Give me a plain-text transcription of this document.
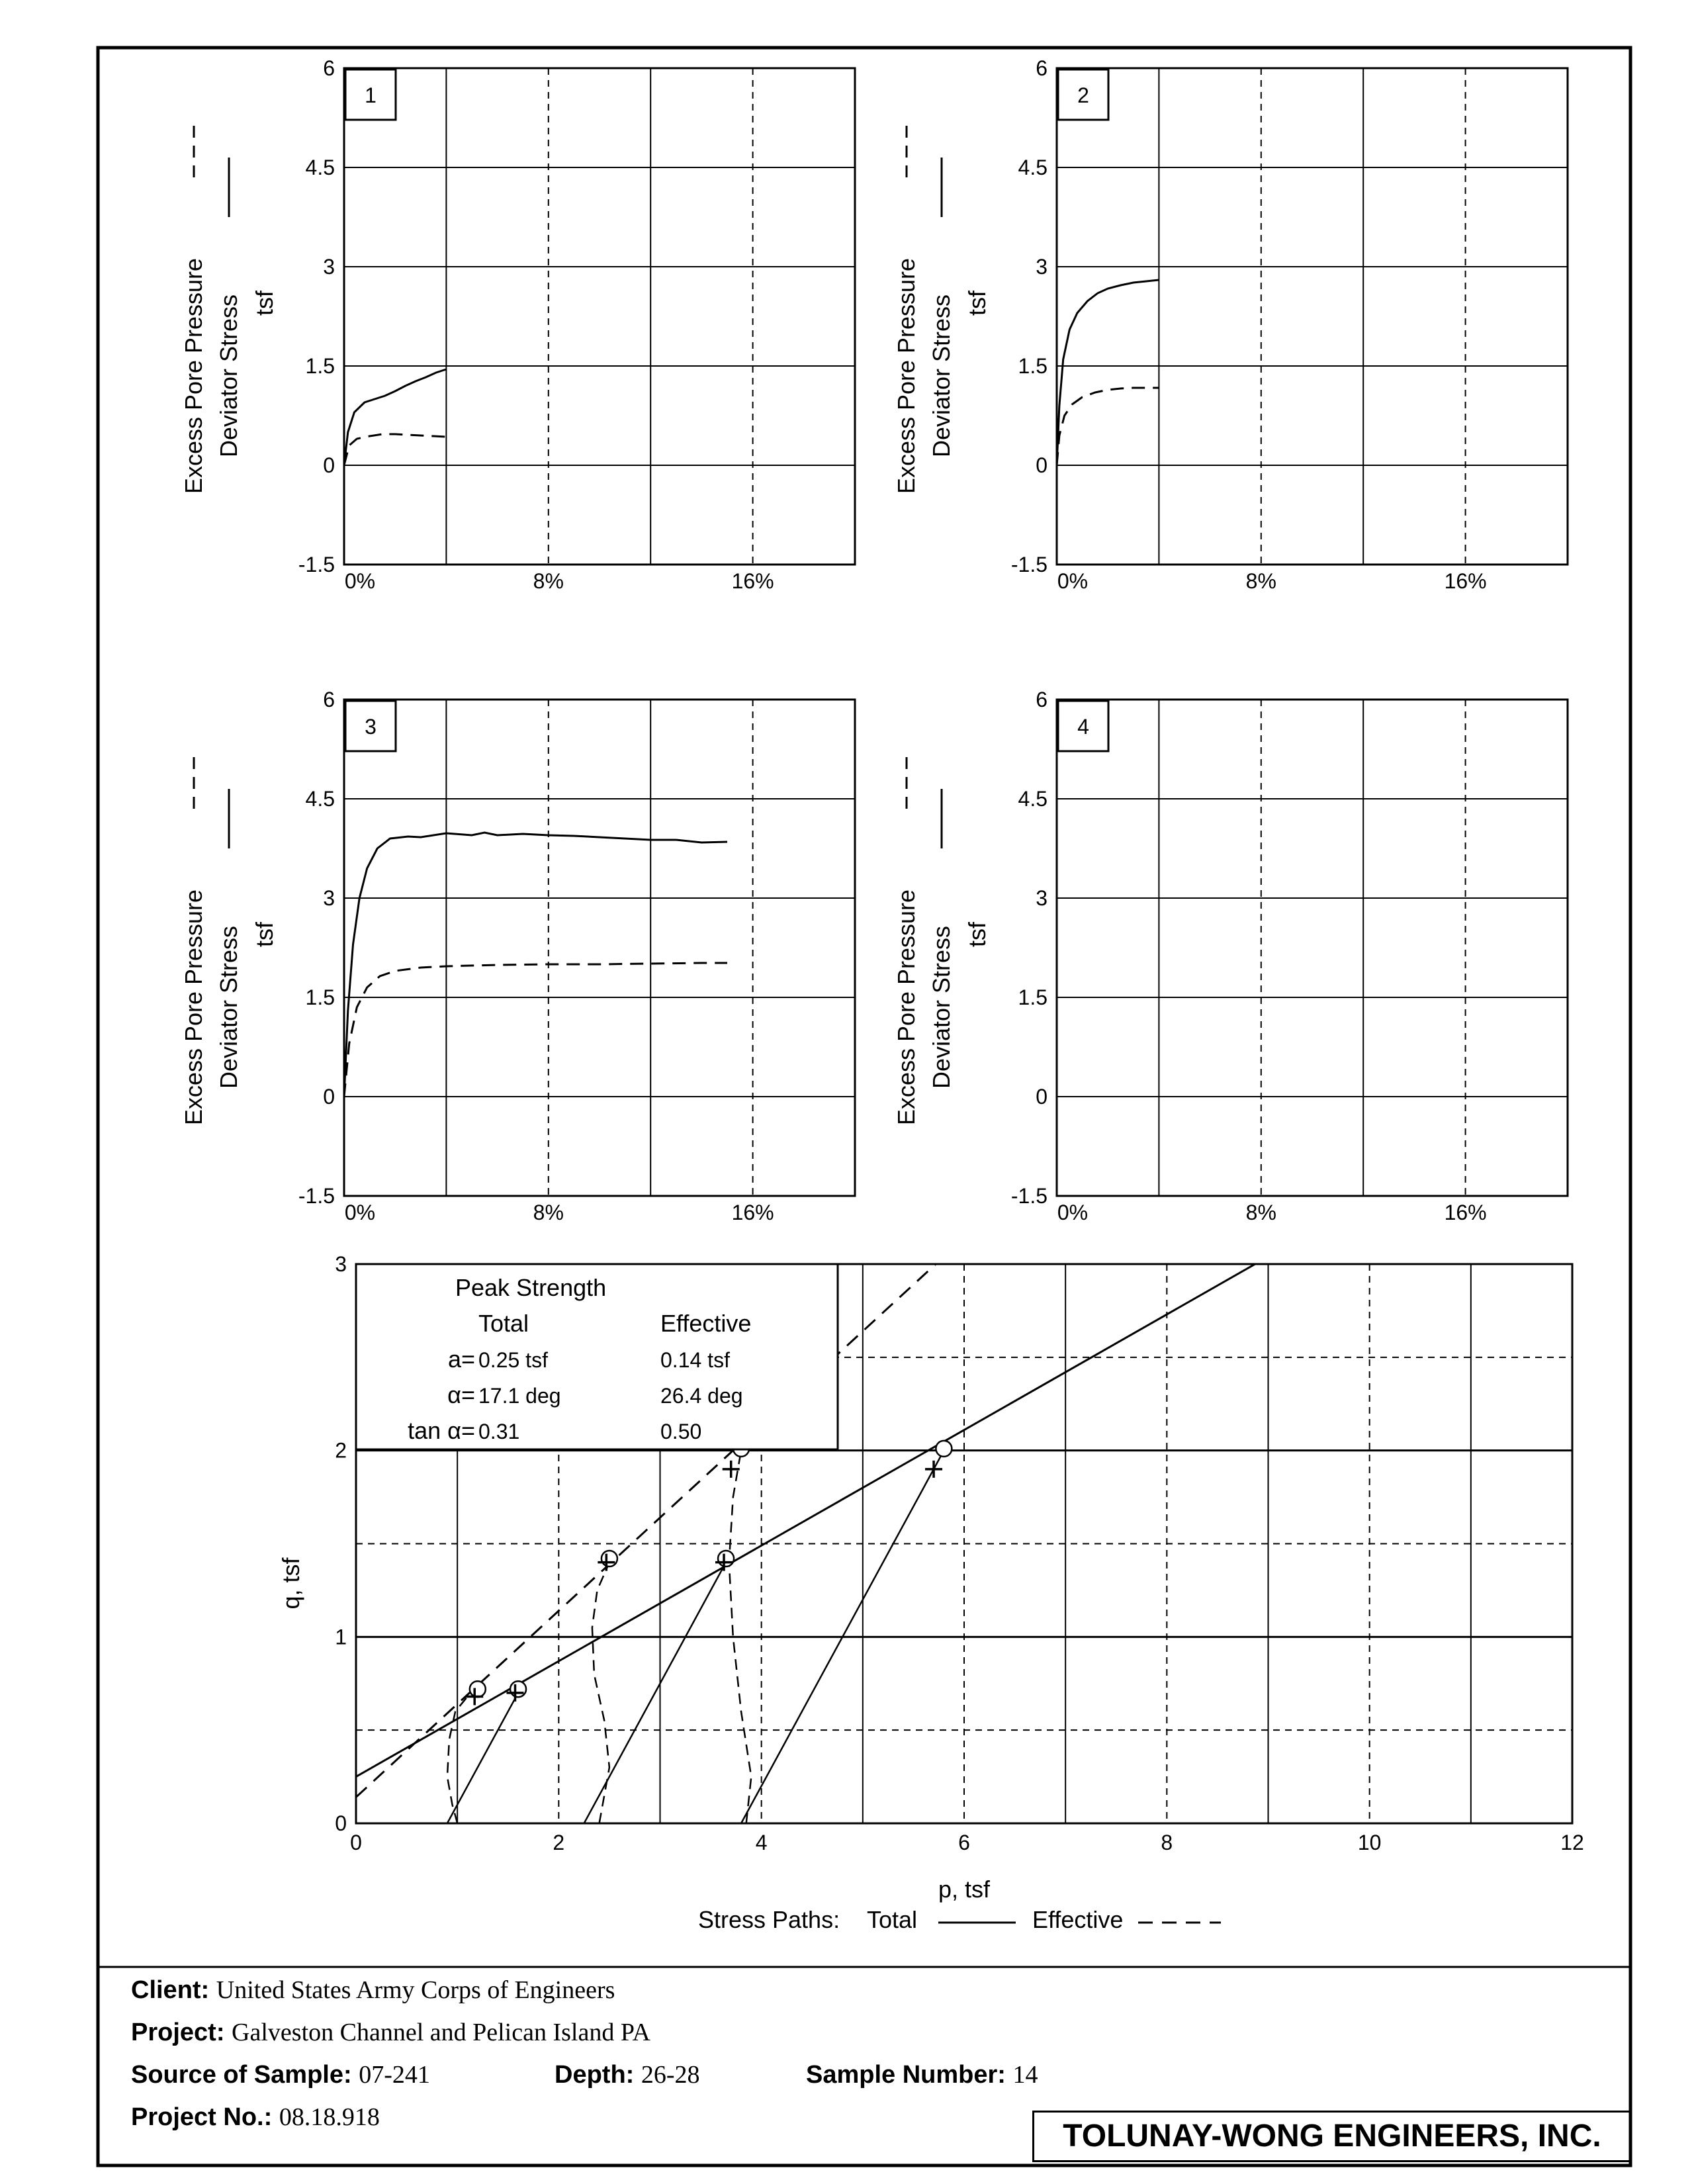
Stress Paths: Total	Effective
6
4.5
3
1.5
0
-1.5
0%	8%	16%
1
Excess Pore Pressure Deviator Stress tsf
6
4.5
3
1.5
0
-1.5
0%	8%	16%
2
Excess Pore Pressure Deviator Stress tsf
6
4.5
3
1.5
0
-1.5
0%	8%	16%
3
Excess Pore Pressure Deviator Stress tsf
6
4.5
3
1.5
0
-1.5
0%	8%	16%
4
Excess Pore Pressure Deviator Stress tsf
0	2	4	6	8	10	12
3
2
1
0
p, tsf
q, tsf
Peak Strength
Total	Effective
a= 0.25 tsf	0.14 tsf
α= 17.1 deg	26.4 deg
tan α= 0.31	0.50
Client: United States Army Corps of Engineers
Project: Galveston Channel and Pelican Island PA
Source of Sample: 07-241	Depth: 26-28	Sample Number: 14
Project No.: 08.18.918
TOLUNAY-WONG ENGINEERS, INC.
